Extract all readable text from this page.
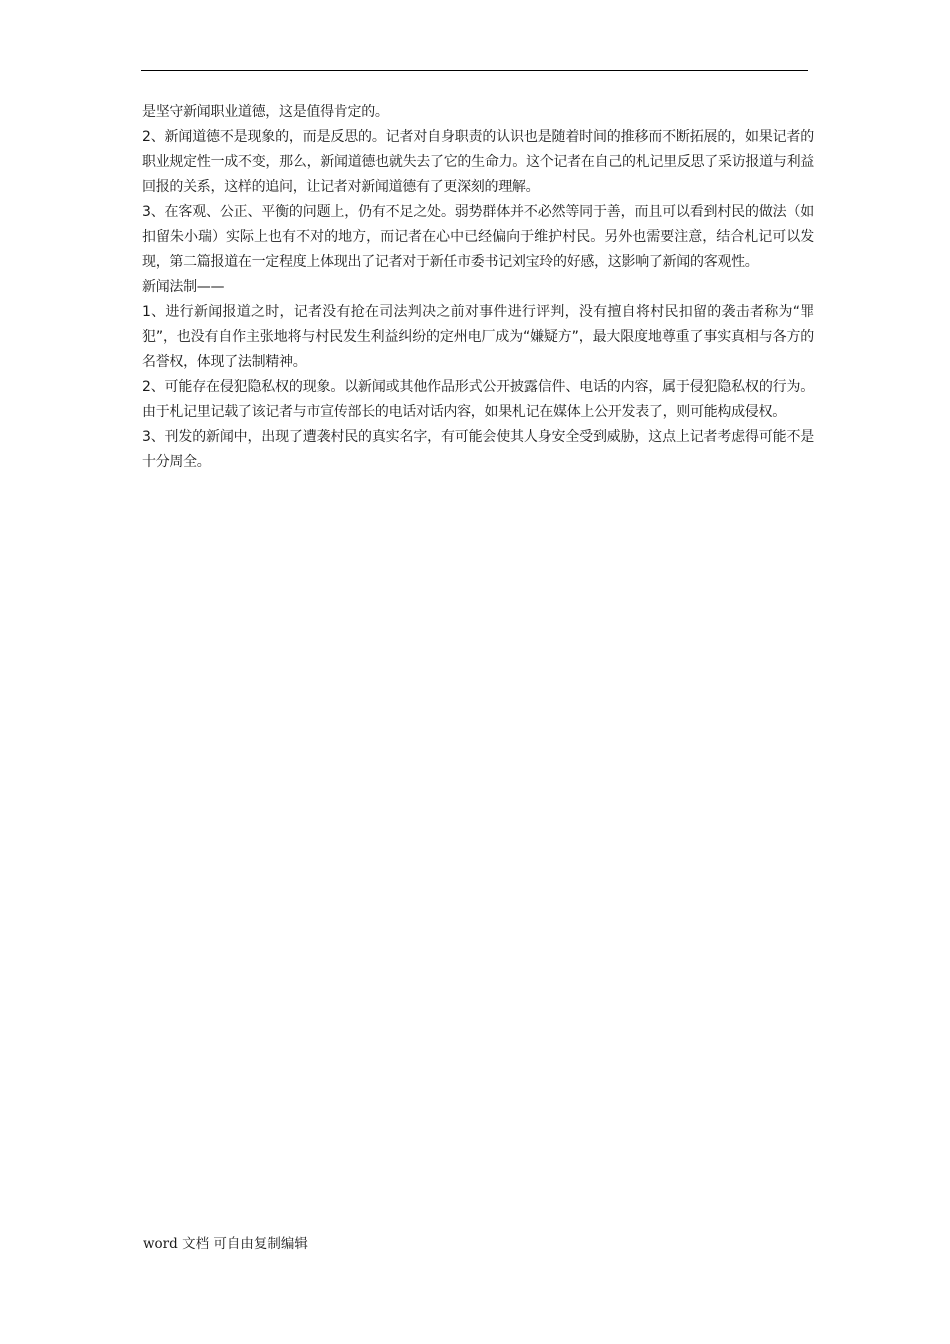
是坚守新闻职业道德，这是值得肯定的。

2、新闻道德不是现象的，而是反思的。记者对自身职责的认识也是随着时间的推移而不断拓展的，如果记者的职业规定性一成不变，那么，新闻道德也就失去了它的生命力。这个记者在自己的札记里反思了采访报道与利益回报的关系，这样的追问，让记者对新闻道德有了更深刻的理解。

3、在客观、公正、平衡的问题上，仍有不足之处。弱势群体并不必然等同于善，而且可以看到村民的做法（如扣留朱小瑞）实际上也有不对的地方，而记者在心中已经偏向于维护村民。另外也需要注意，结合札记可以发现，第二篇报道在一定程度上体现出了记者对于新任市委书记刘宝玲的好感，这影响了新闻的客观性。

新闻法制——

1、进行新闻报道之时，记者没有抢在司法判决之前对事件进行评判，没有擅自将村民扣留的袭击者称为“罪犯”，也没有自作主张地将与村民发生利益纠纷的定州电厂成为“嫌疑方”，最大限度地尊重了事实真相与各方的名誉权，体现了法制精神。

2、可能存在侵犯隐私权的现象。以新闻或其他作品形式公开披露信件、电话的内容，属于侵犯隐私权的行为。由于札记里记载了该记者与市宣传部长的电话对话内容，如果札记在媒体上公开发表了，则可能构成侵权。

3、刊发的新闻中，出现了遭袭村民的真实名字，有可能会使其人身安全受到威胁，这点上记者考虑得可能不是十分周全。

word 文档 可自由复制编辑
